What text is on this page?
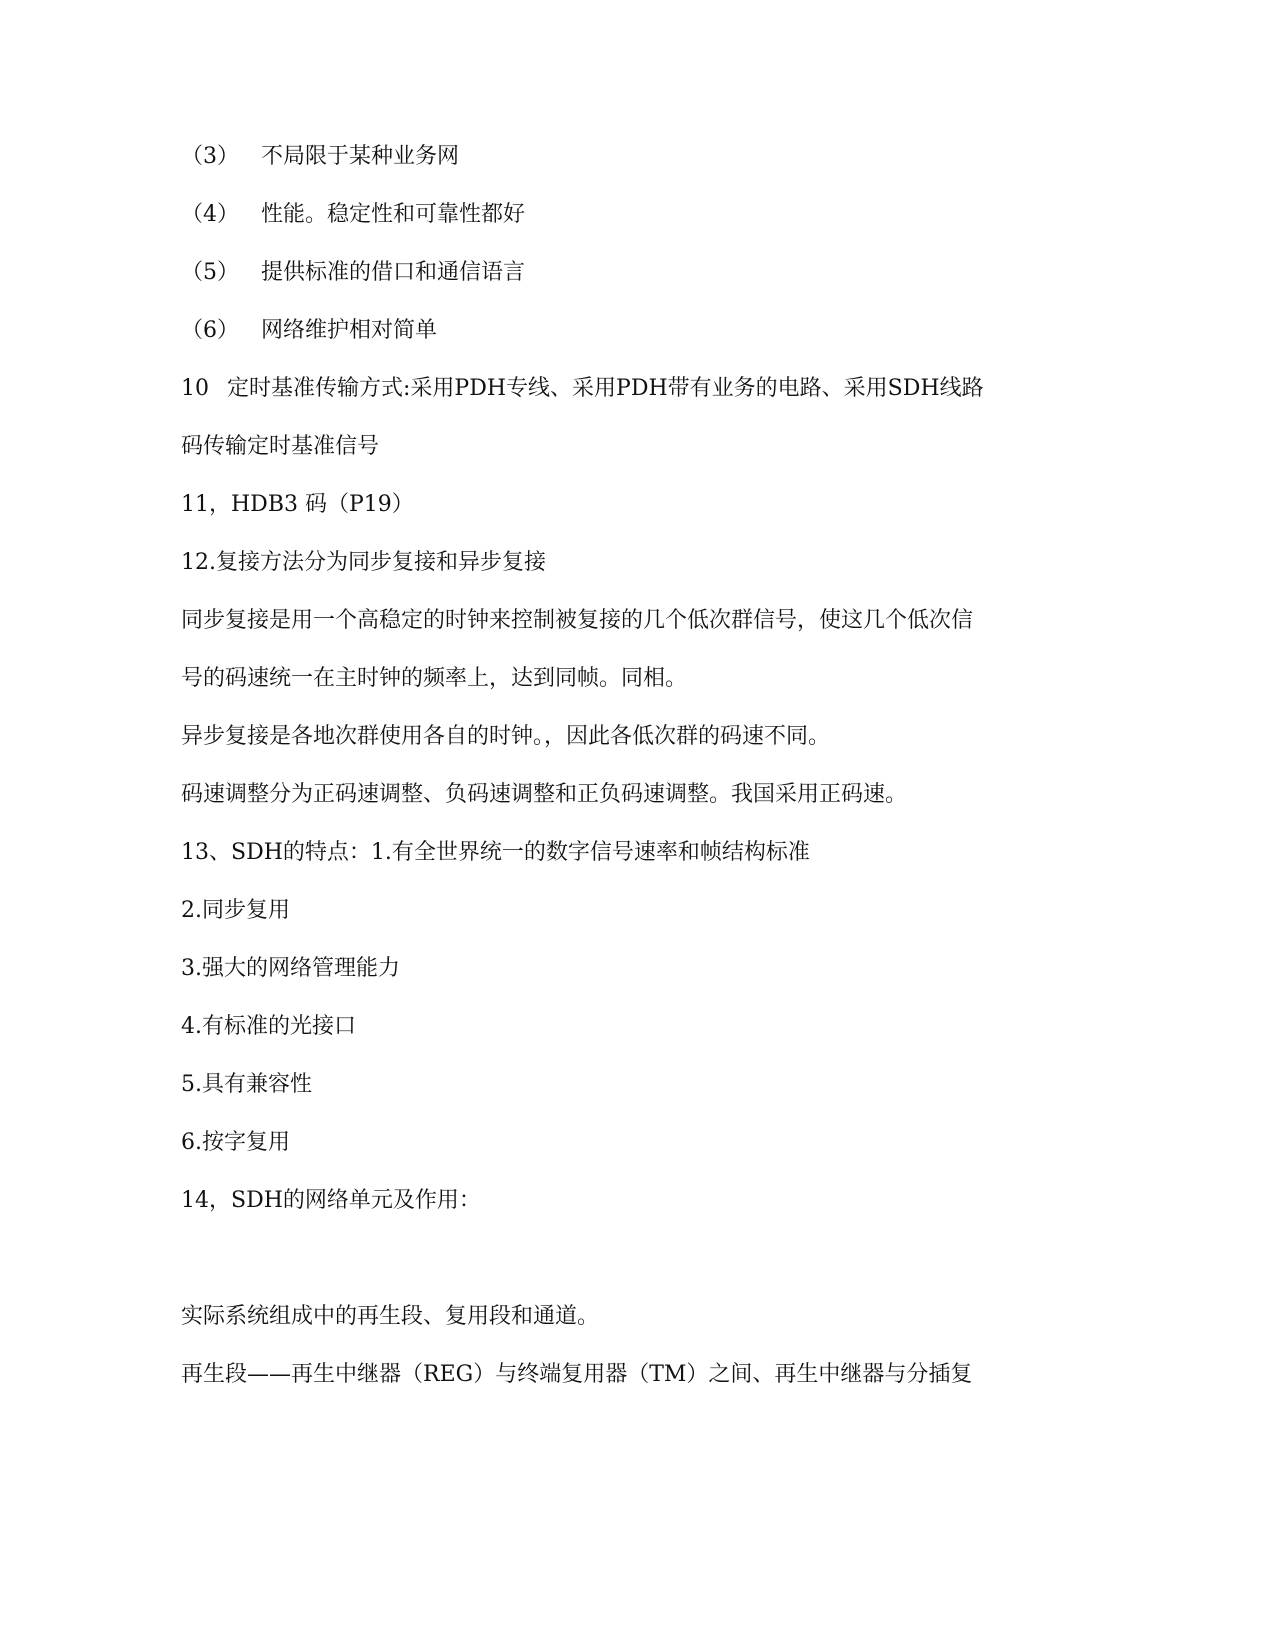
（3） 不局限于某种业务网
（4） 性能。稳定性和可靠性都好
（5） 提供标准的借口和通信语言
（6） 网络维护相对简单
10 定时基准传输方式:采用PDH专线、采用PDH带有业务的电路、采用SDH线路
码传输定时基准信号
11，HDB3 码（P19）
12.复接方法分为同步复接和异步复接
同步复接是用一个高稳定的时钟来控制被复接的几个低次群信号，使这几个低次信
号的码速统一在主时钟的频率上，达到同帧。同相。
异步复接是各地次群使用各自的时钟。，因此各低次群的码速不同。
码速调整分为正码速调整、负码速调整和正负码速调整。我国采用正码速。
13、SDH的特点：1.有全世界统一的数字信号速率和帧结构标准
2.同步复用
3.强大的网络管理能力
4.有标准的光接口
5.具有兼容性
6.按字复用
14，SDH的网络单元及作用：
实际系统组成中的再生段、复用段和通道。
再生段——再生中继器（REG）与终端复用器（TM）之间、再生中继器与分插复
